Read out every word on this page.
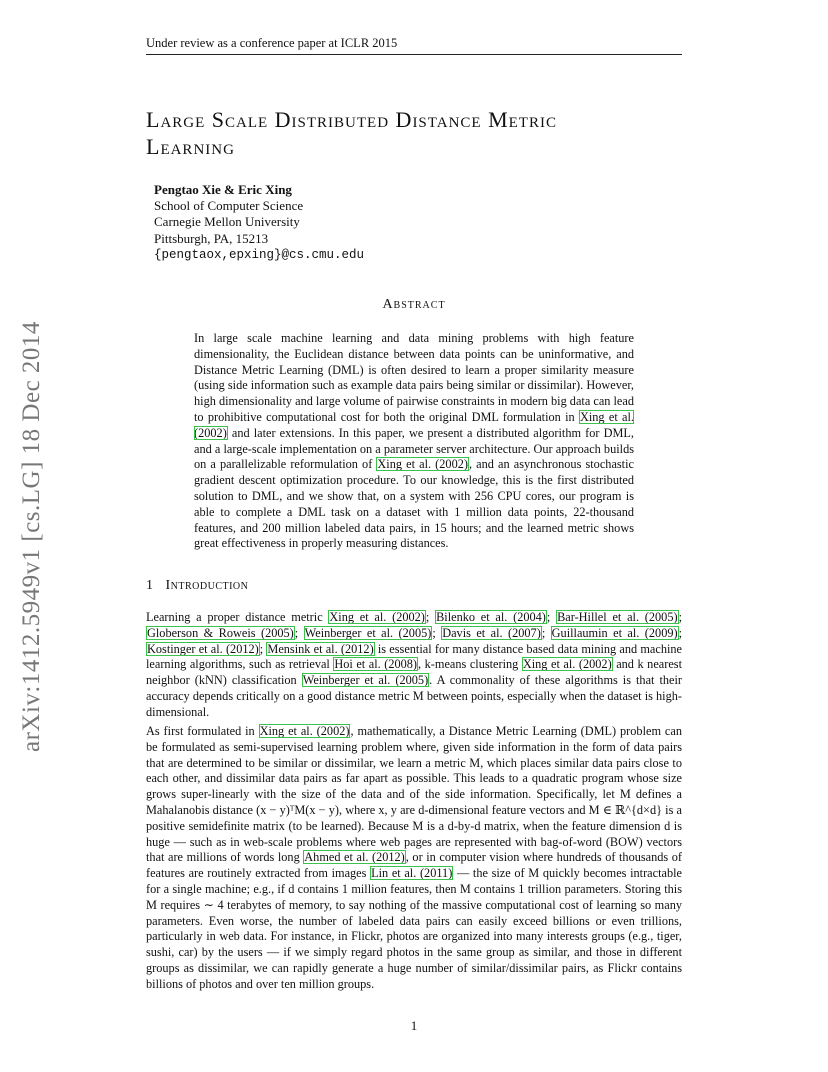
Under review as a conference paper at ICLR 2015
arXiv:1412.5949v1 [cs.LG] 18 Dec 2014
Large Scale Distributed Distance Metric
Learning
Pengtao Xie & Eric Xing
School of Computer Science
Carnegie Mellon University
Pittsburgh, PA, 15213
{pengtaox,epxing}@cs.cmu.edu
Abstract
In large scale machine learning and data mining problems with high feature dimensionality, the Euclidean distance between data points can be uninformative, and Distance Metric Learning (DML) is often desired to learn a proper similarity measure (using side information such as example data pairs being similar or dissimilar). However, high dimensionality and large volume of pairwise constraints in modern big data can lead to prohibitive computational cost for both the original DML formulation in Xing et al. (2002) and later extensions. In this paper, we present a distributed algorithm for DML, and a large-scale implementation on a parameter server architecture. Our approach builds on a parallelizable reformulation of Xing et al. (2002), and an asynchronous stochastic gradient descent optimization procedure. To our knowledge, this is the first distributed solution to DML, and we show that, on a system with 256 CPU cores, our program is able to complete a DML task on a dataset with 1 million data points, 22-thousand features, and 200 million labeled data pairs, in 15 hours; and the learned metric shows great effectiveness in properly measuring distances.
1 Introduction
Learning a proper distance metric Xing et al. (2002); Bilenko et al. (2004); Bar-Hillel et al. (2005); Globerson & Roweis (2005); Weinberger et al. (2005); Davis et al. (2007); Guillaumin et al. (2009); Kostinger et al. (2012); Mensink et al. (2012) is essential for many distance based data mining and machine learning algorithms, such as retrieval Hoi et al. (2008), k-means clustering Xing et al. (2002) and k nearest neighbor (kNN) classification Weinberger et al. (2005). A commonality of these algorithms is that their accuracy depends critically on a good distance metric M between points, especially when the dataset is high-dimensional.
As first formulated in Xing et al. (2002), mathematically, a Distance Metric Learning (DML) problem can be formulated as semi-supervised learning problem where, given side information in the form of data pairs that are determined to be similar or dissimilar, we learn a metric M, which places similar data pairs close to each other, and dissimilar data pairs as far apart as possible. This leads to a quadratic program whose size grows super-linearly with the size of the data and of the side information. Specifically, let M defines a Mahalanobis distance (x − y)ᵀM(x − y), where x, y are d-dimensional feature vectors and M ∈ ℝ^{d×d} is a positive semidefinite matrix (to be learned). Because M is a d-by-d matrix, when the feature dimension d is huge — such as in web-scale problems where web pages are represented with bag-of-word (BOW) vectors that are millions of words long Ahmed et al. (2012), or in computer vision where hundreds of thousands of features are routinely extracted from images Lin et al. (2011) — the size of M quickly becomes intractable for a single machine; e.g., if d contains 1 million features, then M contains 1 trillion parameters. Storing this M requires ∼ 4 terabytes of memory, to say nothing of the massive computational cost of learning so many parameters. Even worse, the number of labeled data pairs can easily exceed billions or even trillions, particularly in web data. For instance, in Flickr, photos are organized into many interests groups (e.g., tiger, sushi, car) by the users — if we simply regard photos in the same group as similar, and those in different groups as dissimilar, we can rapidly generate a huge number of similar/dissimilar pairs, as Flickr contains billions of photos and over ten million groups.
1
